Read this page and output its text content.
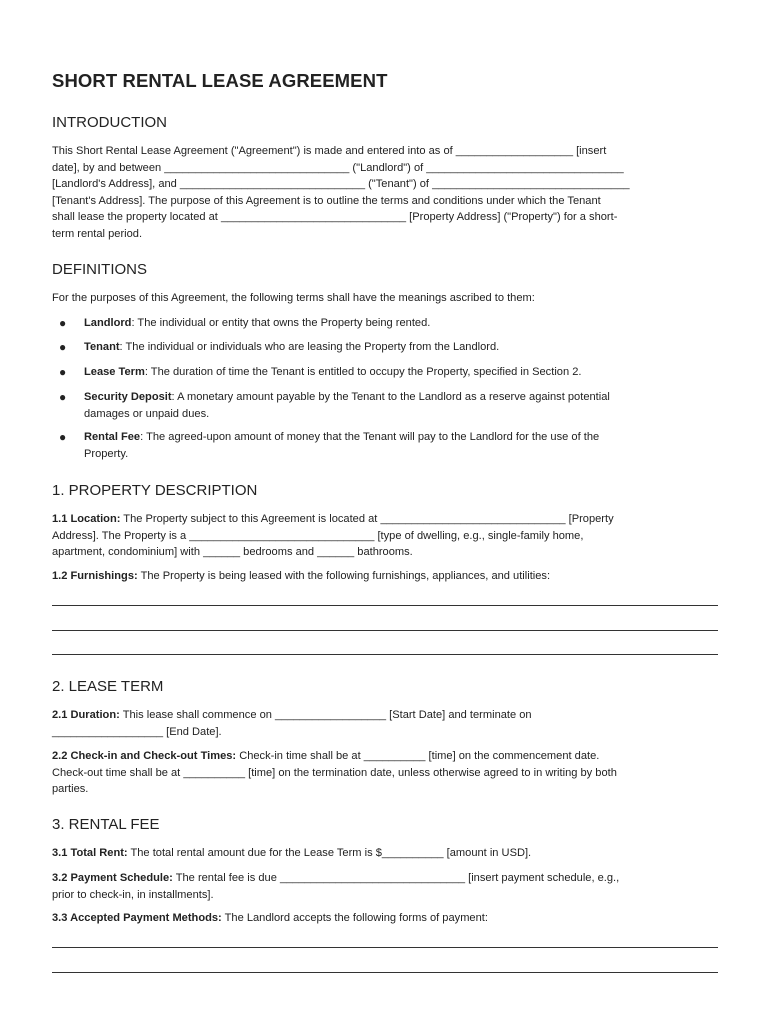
SHORT RENTAL LEASE AGREEMENT
INTRODUCTION
This Short Rental Lease Agreement ("Agreement") is made and entered into as of ___________________ [insert
date], by and between ______________________________ ("Landlord") of ________________________________
[Landlord's Address], and ______________________________ ("Tenant") of ________________________________
[Tenant's Address]. The purpose of this Agreement is to outline the terms and conditions under which the Tenant
shall lease the property located at ______________________________ [Property Address] ("Property") for a short-
term rental period.
DEFINITIONS
For the purposes of this Agreement, the following terms shall have the meanings ascribed to them:
● Landlord: The individual or entity that owns the Property being rented.
● Tenant: The individual or individuals who are leasing the Property from the Landlord.
● Lease Term: The duration of time the Tenant is entitled to occupy the Property, specified in Section 2.
● Security Deposit: A monetary amount payable by the Tenant to the Landlord as a reserve against potential
damages or unpaid dues.
● Rental Fee: The agreed-upon amount of money that the Tenant will pay to the Landlord for the use of the
Property.
1. PROPERTY DESCRIPTION
1.1 Location: The Property subject to this Agreement is located at ______________________________ [Property
Address]. The Property is a ______________________________ [type of dwelling, e.g., single-family home,
apartment, condominium] with ______ bedrooms and ______ bathrooms.
1.2 Furnishings: The Property is being leased with the following furnishings, appliances, and utilities:
2. LEASE TERM
2.1 Duration: This lease shall commence on __________________ [Start Date] and terminate on
__________________ [End Date].
2.2 Check-in and Check-out Times: Check-in time shall be at __________ [time] on the commencement date.
Check-out time shall be at __________ [time] on the termination date, unless otherwise agreed to in writing by both
parties.
3. RENTAL FEE
3.1 Total Rent: The total rental amount due for the Lease Term is $__________ [amount in USD].
3.2 Payment Schedule: The rental fee is due ______________________________ [insert payment schedule, e.g.,
prior to check-in, in installments].
3.3 Accepted Payment Methods: The Landlord accepts the following forms of payment:
